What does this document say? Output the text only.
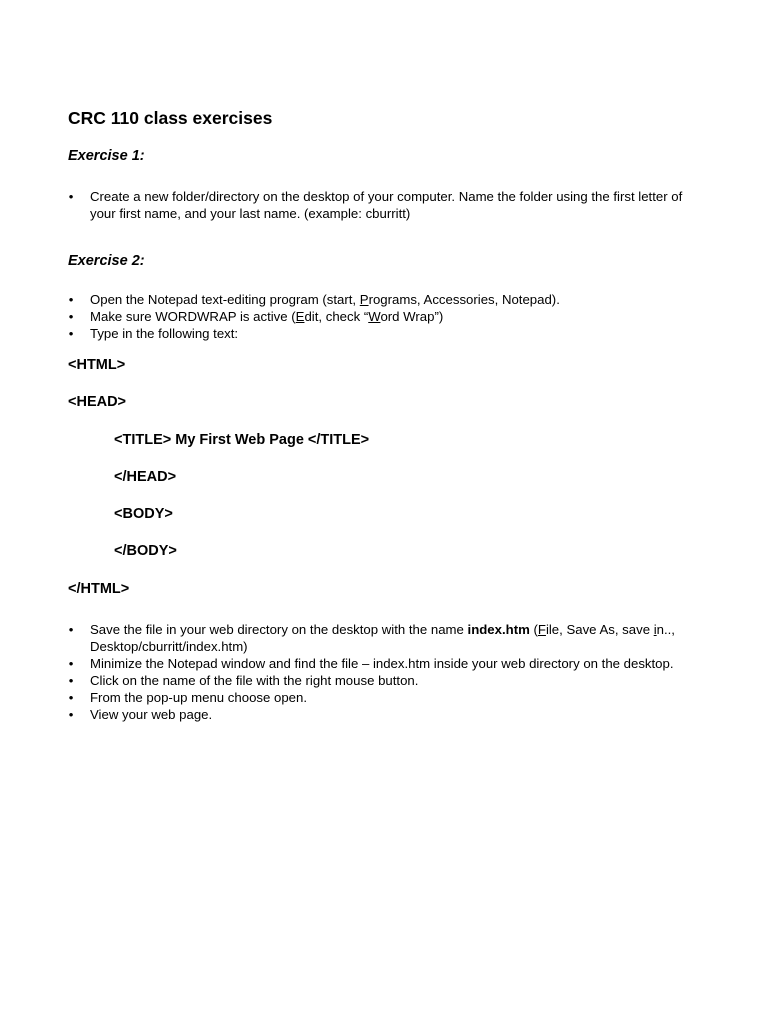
CRC 110 class exercises
Exercise 1:
• Create a new folder/directory on the desktop of your computer. Name the folder using the first letter of your first name, and your last name. (example: cburritt)
Exercise 2:
• Open the Notepad text-editing program (start, Programs, Accessories, Notepad).
• Make sure WORDWRAP is active (Edit, check “Word Wrap”)
• Type in the following text:
<HTML>
<HEAD>
<TITLE> My First Web Page </TITLE>
</HEAD>
<BODY>
</BODY>
</HTML>
• Save the file in your web directory on the desktop with the name index.htm (File, Save As, save in.., Desktop/cburritt/index.htm)
• Minimize the Notepad window and find the file – index.htm inside your web directory on the desktop.
• Click on the name of the file with the right mouse button.
• From the pop-up menu choose open.
• View your web page.
